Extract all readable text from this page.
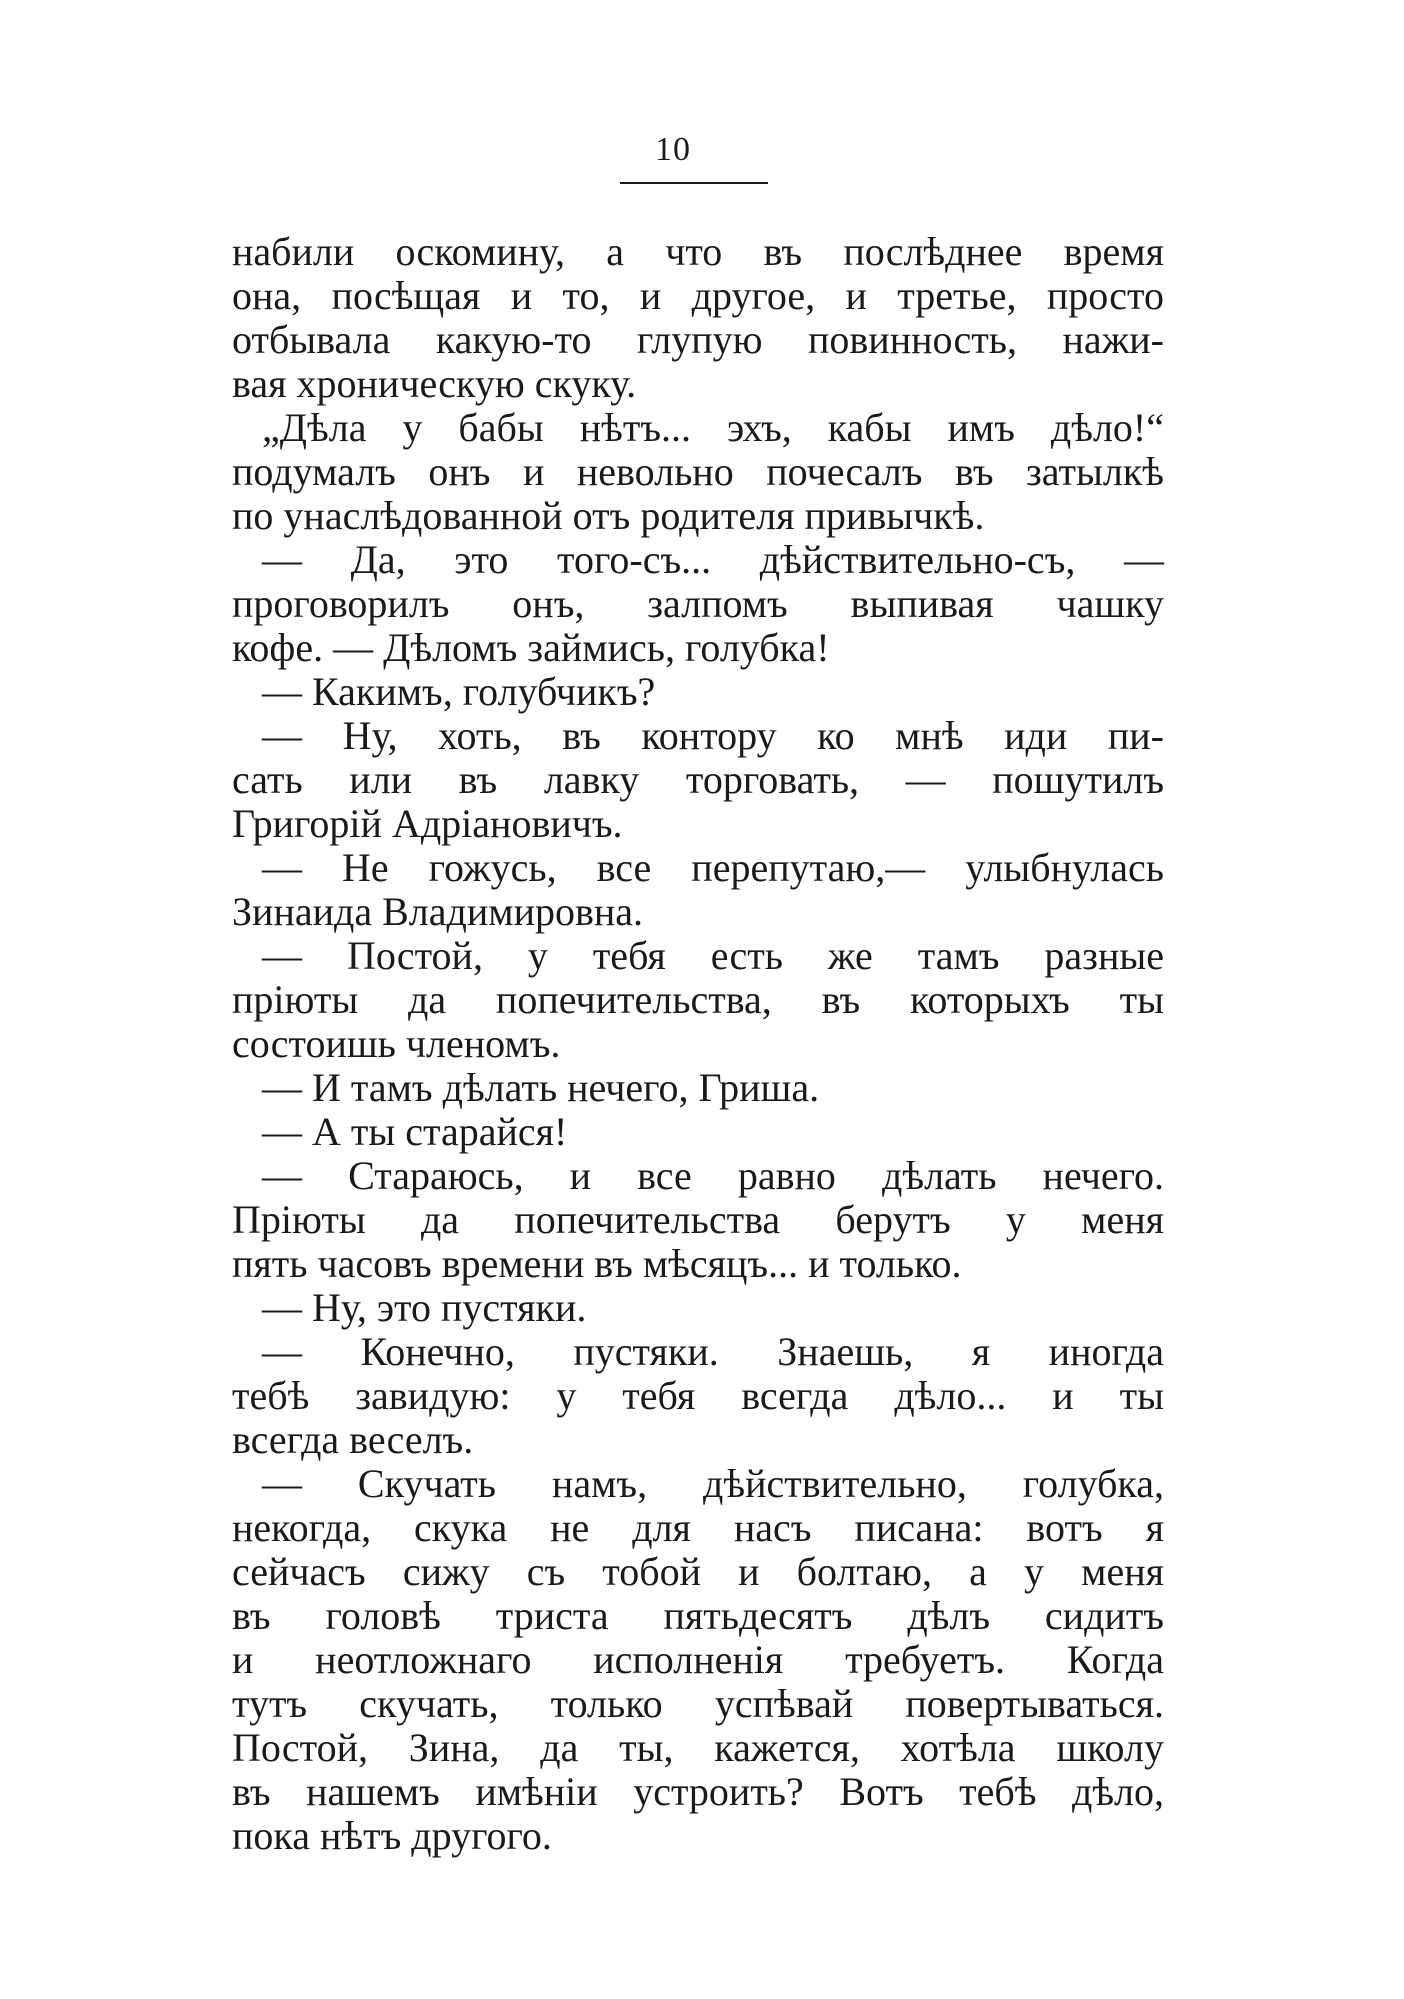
10
набили оскомину, а что въ послѣднее время
она, посѣщая и то, и другое, и третье, просто
отбывала какую-то глупую повинность, нажи-
вая хроническую скуку.
„Дѣла у бабы нѣтъ... эхъ, кабы имъ дѣло!“
подумалъ онъ и невольно почесалъ въ затылкѣ
по унаслѣдованной отъ родителя привычкѣ.
— Да, это того-съ... дѣйствительно-съ, —
проговорилъ онъ, залпомъ выпивая чашку
кофе. — Дѣломъ займись, голубка!
— Какимъ, голубчикъ?
— Ну, хоть, въ контору ко мнѣ иди пи-
сать или въ лавку торговать, — пошутилъ
Григорій Адріановичъ.
— Не гожусь, все перепутаю,— улыбнулась
Зинаида Владимировна.
— Постой, у тебя есть же тамъ разные
пріюты да попечительства, въ которыхъ ты
состоишь членомъ.
— И тамъ дѣлать нечего, Гриша.
— А ты старайся!
— Стараюсь, и все равно дѣлать нечего.
Пріюты да попечительства берутъ у меня
пять часовъ времени въ мѣсяцъ... и только.
— Ну, это пустяки.
— Конечно, пустяки. Знаешь, я иногда
тебѣ завидую: у тебя всегда дѣло... и ты
всегда веселъ.
— Скучать намъ, дѣйствительно, голубка,
некогда, скука не для насъ писана: вотъ я
сейчасъ сижу съ тобой и болтаю, а у меня
въ головѣ триста пятьдесятъ дѣлъ сидитъ
и неотложнаго исполненія требуетъ. Когда
тутъ скучать, только успѣвай повертываться.
Постой, Зина, да ты, кажется, хотѣла школу
въ нашемъ имѣніи устроить? Вотъ тебѣ дѣло,
пока нѣтъ другого.
